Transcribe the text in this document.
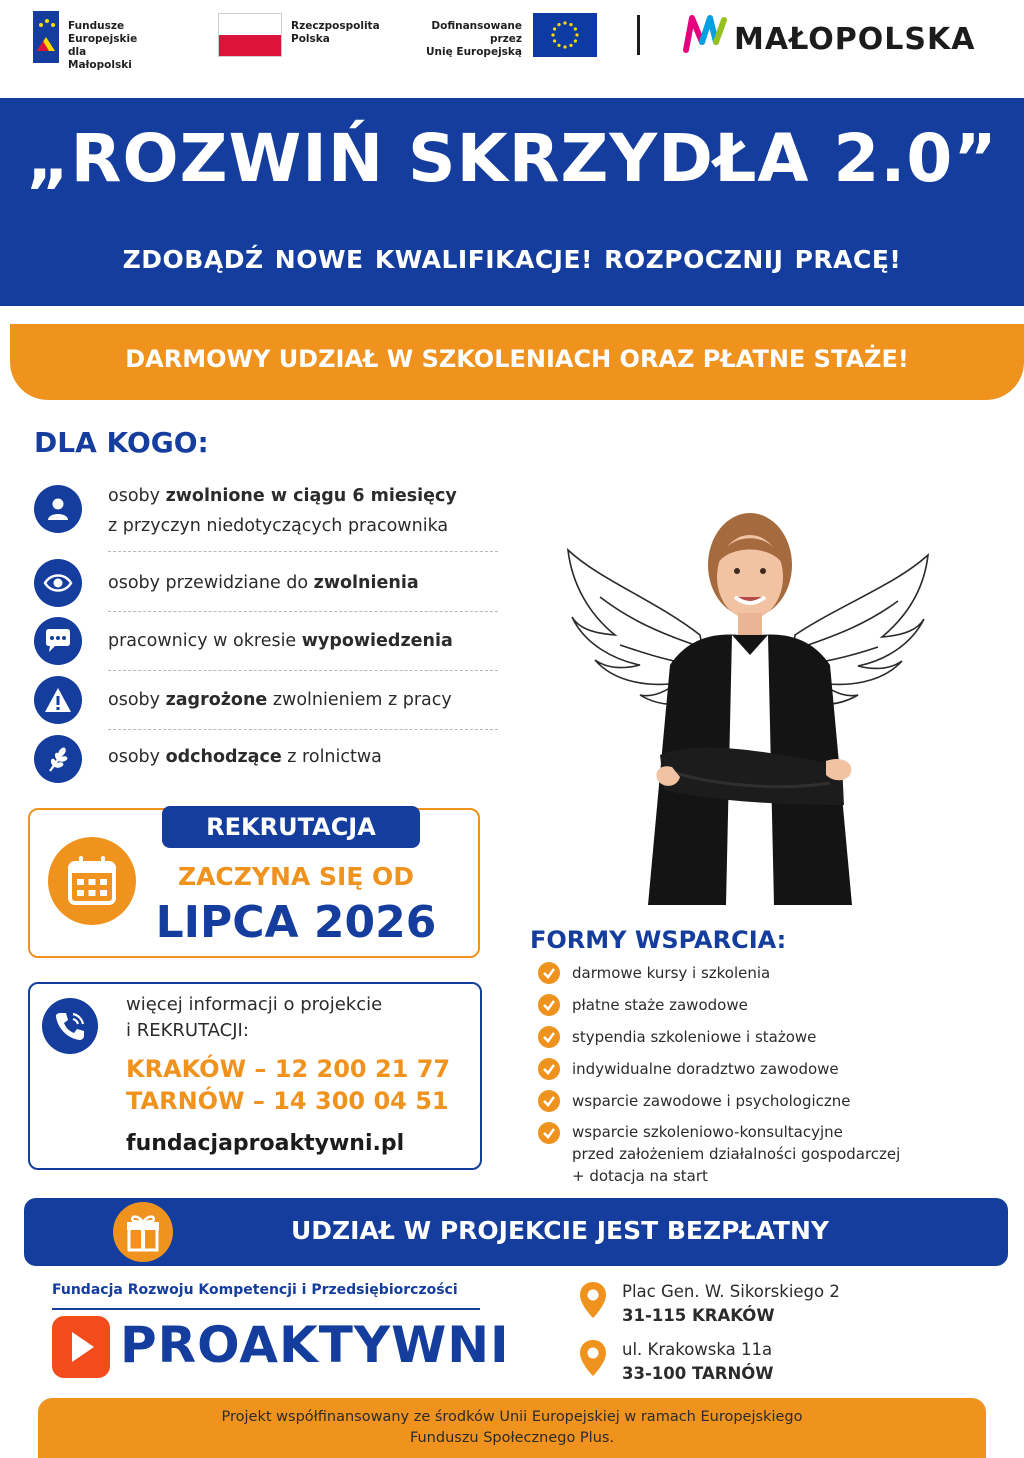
Fundusze Europejskie
dla Małopolski
Rzeczpospolita
Polska
Dofinansowane przez
Unię Europejską	MAŁOPOLSKA
„ROZWIŃ SKRZYDŁA 2.0”
ZDOBĄDŹ NOWE KWALIFIKACJE! ROZPOCZNIJ PRACĘ!
DARMOWY UDZIAŁ W SZKOLENIACH ORAZ PŁATNE STAŻE!
DLA KOGO:
osoby zwolnione w ciągu 6 miesięcy
z przyczyn niedotyczących pracownika
osoby przewidziane do zwolnienia
pracownicy w okresie wypowiedzenia
osoby zagrożone zwolnieniem z pracy
osoby odchodzące z rolnictwa
REKRUTACJA
ZACZYNA SIĘ OD
LIPCA 2026
więcej informacji o projekcie
i REKRUTACJI:
KRAKÓW – 12 200 21 77
TARNÓW – 14 300 04 51
fundacjaproaktywni.pl
FORMY WSPARCIA:
darmowe kursy i szkolenia
płatne staże zawodowe
stypendia szkoleniowe i stażowe
indywidualne doradztwo zawodowe
wsparcie zawodowe i psychologiczne
wsparcie szkoleniowo-konsultacyjne
przed założeniem działalności gospodarczej
+ dotacja na start
UDZIAŁ W PROJEKCIE JEST BEZPŁATNY
Fundacja Rozwoju Kompetencji i Przedsiębiorczości
PROAKTYWNI
Plac Gen. W. Sikorskiego 2
31-115 KRAKÓW
ul. Krakowska 11a
33-100 TARNÓW
Projekt współfinansowany ze środków Unii Europejskiej w ramach Europejskiego
Funduszu Społecznego Plus.
